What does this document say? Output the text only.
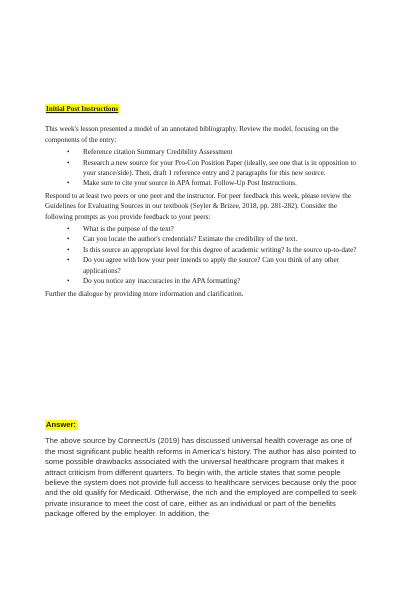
Initial Post Instructions

This week's lesson presented a model of an annotated bibliography. Review the model, focusing on the components of the entry:

• Reference citation Summary Credibility Assessment
• Research a new source for your Pro-Con Position Paper (ideally, see one that is in opposition to your stance/side). Then, draft 1 reference entry and 2 paragraphs for this new source.
• Make sure to cite your source in APA format. Follow-Up Post Instructions.

Respond to at least two peers or one peer and the instructor. For peer feedback this week, please review the Guidelines for Evaluating Sources in our textbook (Seyler & Brizee, 2018, pp. 281-282). Consider the following prompts as you provide feedback to your peers:

• What is the purpose of the text?
• Can you locate the author's credentials? Estimate the credibility of the text.
• Is this source an appropriate level for this degree of academic writing? Is the source up-to-date?
• Do you agree with how your peer intends to apply the source? Can you think of any other applications?
• Do you notice any inaccuracies in the APA formatting?

Further the dialogue by providing more information and clarification.

Answer:

The above source by ConnectUs (2019) has discussed universal health coverage as one of the most significant public health reforms in America's history. The author has also pointed to some possible drawbacks associated with the universal healthcare program that makes it attract criticism from different quarters. To begin with, the article states that some people believe the system does not provide full access to healthcare services because only the poor and the old qualify for Medicaid. Otherwise, the rich and the employed are compelled to seek private insurance to meet the cost of care, either as an individual or part of the benefits package offered by the employer. In addition, the
